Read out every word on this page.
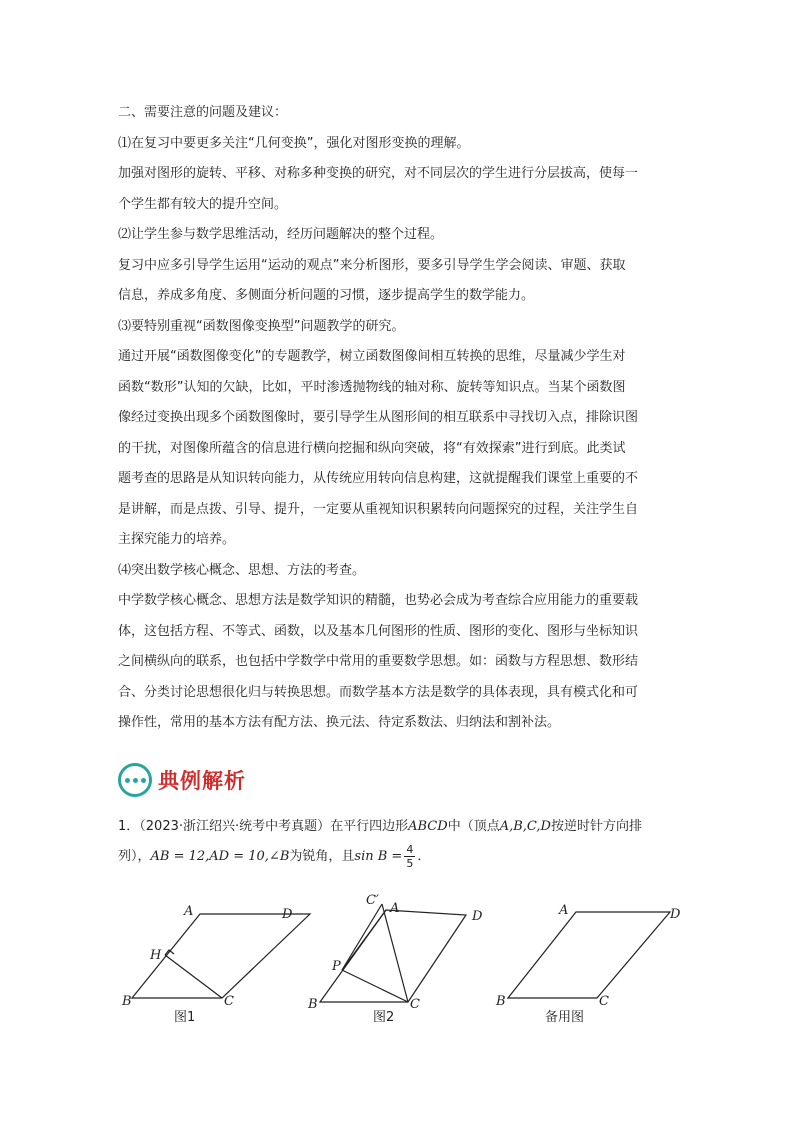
二、需要注意的问题及建议：
⑴在复习中要更多关注“几何变换”，强化对图形变换的理解。
加强对图形的旋转、平移、对称多种变换的研究，对不同层次的学生进行分层拔高，使每一
个学生都有较大的提升空间。
⑵让学生参与数学思维活动，经历问题解决的整个过程。
复习中应多引导学生运用“运动的观点”来分析图形，要多引导学生学会阅读、审题、获取
信息，养成多角度、多侧面分析问题的习惯，逐步提高学生的数学能力。
⑶要特别重视“函数图像变换型”问题教学的研究。
通过开展“函数图像变化”的专题教学，树立函数图像间相互转换的思维，尽量减少学生对
函数“数形”认知的欠缺，比如，平时渗透抛物线的轴对称、旋转等知识点。当某个函数图
像经过变换出现多个函数图像时，要引导学生从图形间的相互联系中寻找切入点，排除识图
的干扰，对图像所蕴含的信息进行横向挖掘和纵向突破，将“有效探索”进行到底。此类试
题考查的思路是从知识转向能力，从传统应用转向信息构建，这就提醒我们课堂上重要的不
是讲解，而是点拨、引导、提升，一定要从重视知识积累转向问题探究的过程，关注学生自
主探究能力的培养。
⑷突出数学核心概念、思想、方法的考查。
中学数学核心概念、思想方法是数学知识的精髓，也势必会成为考查综合应用能力的重要载
体，这包括方程、不等式、函数，以及基本几何图形的性质、图形的变化、图形与坐标知识
之间横纵向的联系，也包括中学数学中常用的重要数学思想。如：函数与方程思想、数形结
合、分类讨论思想很化归与转换思想。而数学基本方法是数学的具体表现，具有模式化和可
操作性，常用的基本方法有配方法、换元法、待定系数法、归纳法和割补法。
典例解析
1．（2023·浙江绍兴·统考中考真题）在平行四边形ABCD中（顶点A,B,C,D按逆时针方向排
列），AB = 12,AD = 10,∠B为锐角，且$\sin B = \frac{4}{5}$ ．
B	C
A	D
H
图1
B	C
A
D
P
C′
图2
B	C
A	D
备用图
